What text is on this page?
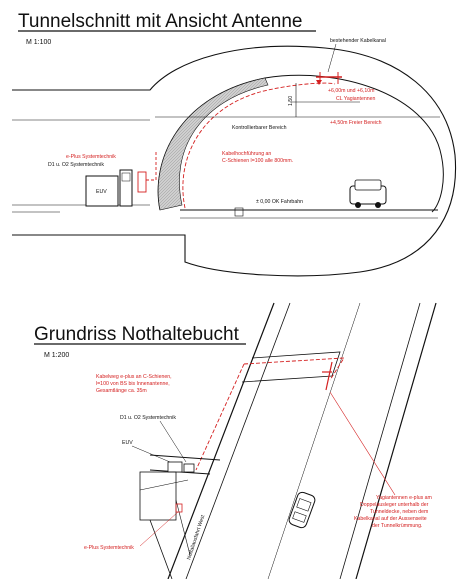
Tunnelschnitt mit Ansicht Antenne
M 1:100
1.50
EUV
bestehender Kabelkanal
+6,00m und +6,10m
CL Yagiantennen
+4,50m Freier Bereich
Kontrollierbarer Bereich
Kabelhochführung an
C-Schienen l=100 alle 800mm.
e-Plus Systemtechnik
D1 u. O2 Systemtechnik
± 0,00 OK Fahrbahn
Grundriss Nothaltebucht
M 1:200
Kabelweg e-plus an C-Schienen,
l=100 von BS bis Innenantenne,
Gesamtlänge ca. 35m
D1 u. O2 Systemtechnik
EUV
e-Plus Systemtechnik	Notfallausfahrt West
Yagiantennen e-plus am
Doppelausleger unterhalb der
Tunneldecke, neben dem
Kabelkanal auf der Aussenseite
der Tunnelkrümmung.
